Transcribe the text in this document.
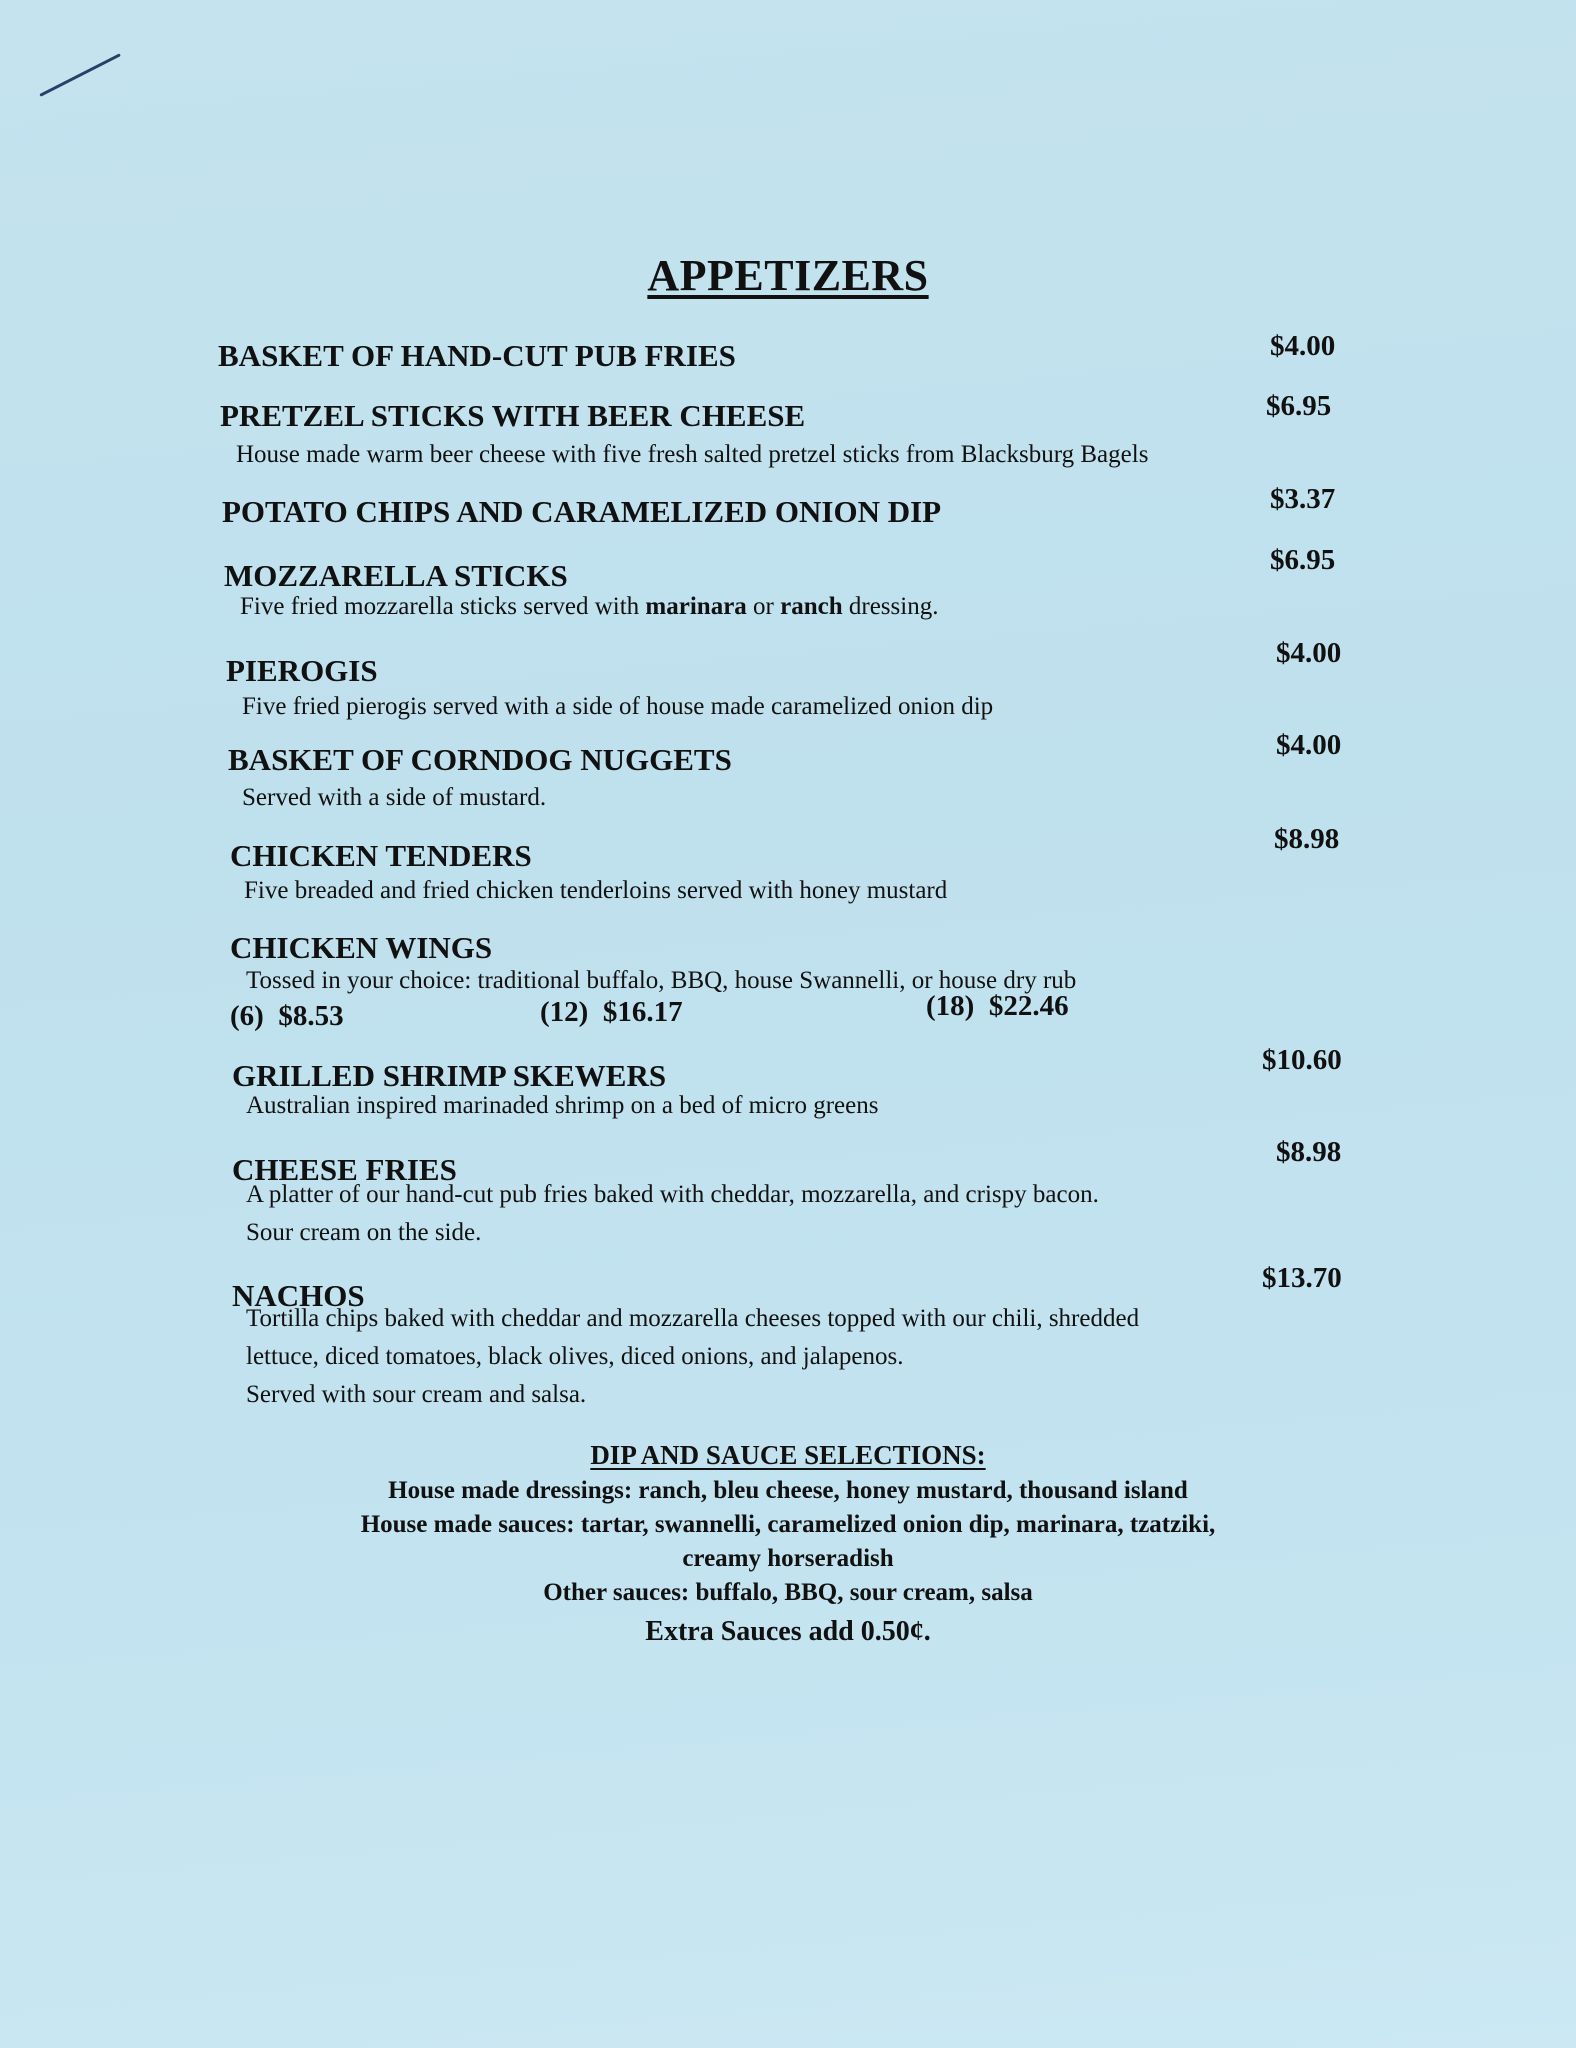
APPETIZERS
BASKET OF HAND-CUT PUB FRIES	$4.00
PRETZEL STICKS WITH BEER CHEESE	$6.95
House made warm beer cheese with five fresh salted pretzel sticks from Blacksburg Bagels
POTATO CHIPS AND CARAMELIZED ONION DIP	$3.37
MOZZARELLA STICKS	$6.95
Five fried mozzarella sticks served with marinara or ranch dressing.
PIEROGIS	$4.00
Five fried pierogis served with a side of house made caramelized onion dip
BASKET OF CORNDOG NUGGETS	$4.00
Served with a side of mustard.
CHICKEN TENDERS	$8.98
Five breaded and fried chicken tenderloins served with honey mustard
CHICKEN WINGS
Tossed in your choice: traditional buffalo, BBQ, house Swannelli, or house dry rub
(6) $8.53	(12) $16.17	(18) $22.46
GRILLED SHRIMP SKEWERS	$10.60
Australian inspired marinaded shrimp on a bed of micro greens
CHEESE FRIES	$8.98
A platter of our hand-cut pub fries baked with cheddar, mozzarella, and crispy bacon.
Sour cream on the side.
NACHOS	$13.70
Tortilla chips baked with cheddar and mozzarella cheeses topped with our chili, shredded
lettuce, diced tomatoes, black olives, diced onions, and jalapenos.
Served with sour cream and salsa.
DIP AND SAUCE SELECTIONS:
House made dressings: ranch, bleu cheese, honey mustard, thousand island
House made sauces: tartar, swannelli, caramelized onion dip, marinara, tzatziki,
creamy horseradish
Other sauces: buffalo, BBQ, sour cream, salsa
Extra Sauces add 0.50¢.
